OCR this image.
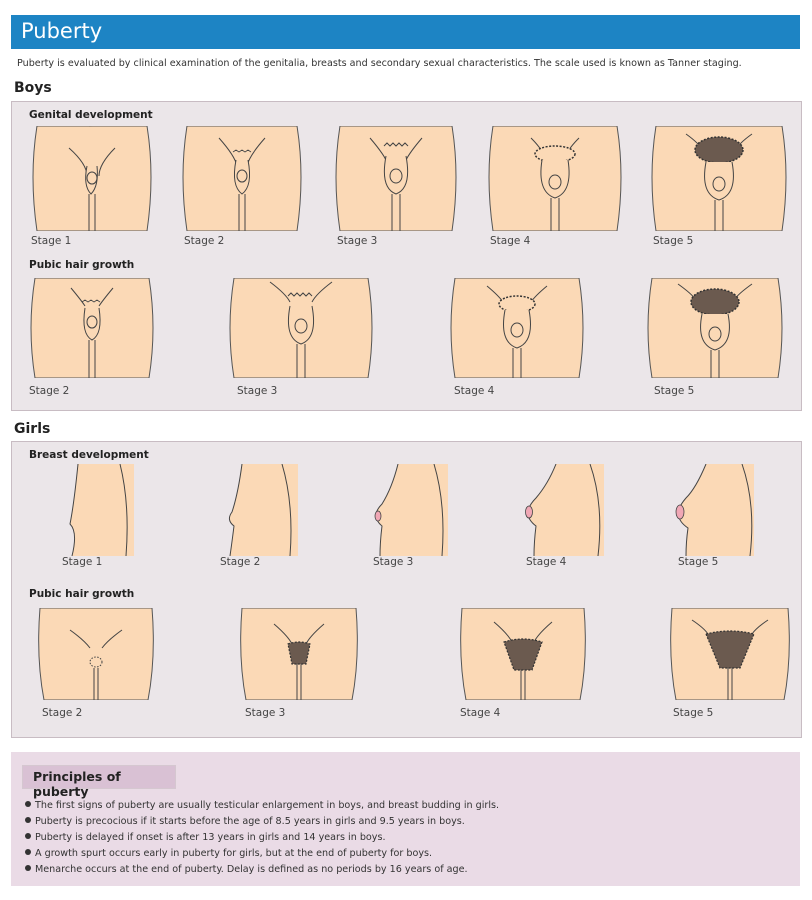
Puberty
Puberty is evaluated by clinical examination of the genitalia, breasts and secondary sexual characteristics. The scale used is known as Tanner staging.
Boys
Genital development
Stage 1	Stage 2	Stage 3	Stage 4	Stage 5
Pubic hair growth
Stage 2	Stage 3	Stage 4	Stage 5
Girls
Breast development
Stage 1	Stage 2	Stage 3	Stage 4	Stage 5
Pubic hair growth
Stage 2	Stage 3	Stage 4	Stage 5
Principles of puberty
The first signs of puberty are usually testicular enlargement in boys, and breast budding in girls.
Puberty is precocious if it starts before the age of 8.5 years in girls and 9.5 years in boys.
Puberty is delayed if onset is after 13 years in girls and 14 years in boys.
A growth spurt occurs early in puberty for girls, but at the end of puberty for boys.
Menarche occurs at the end of puberty. Delay is defined as no periods by 16 years of age.
